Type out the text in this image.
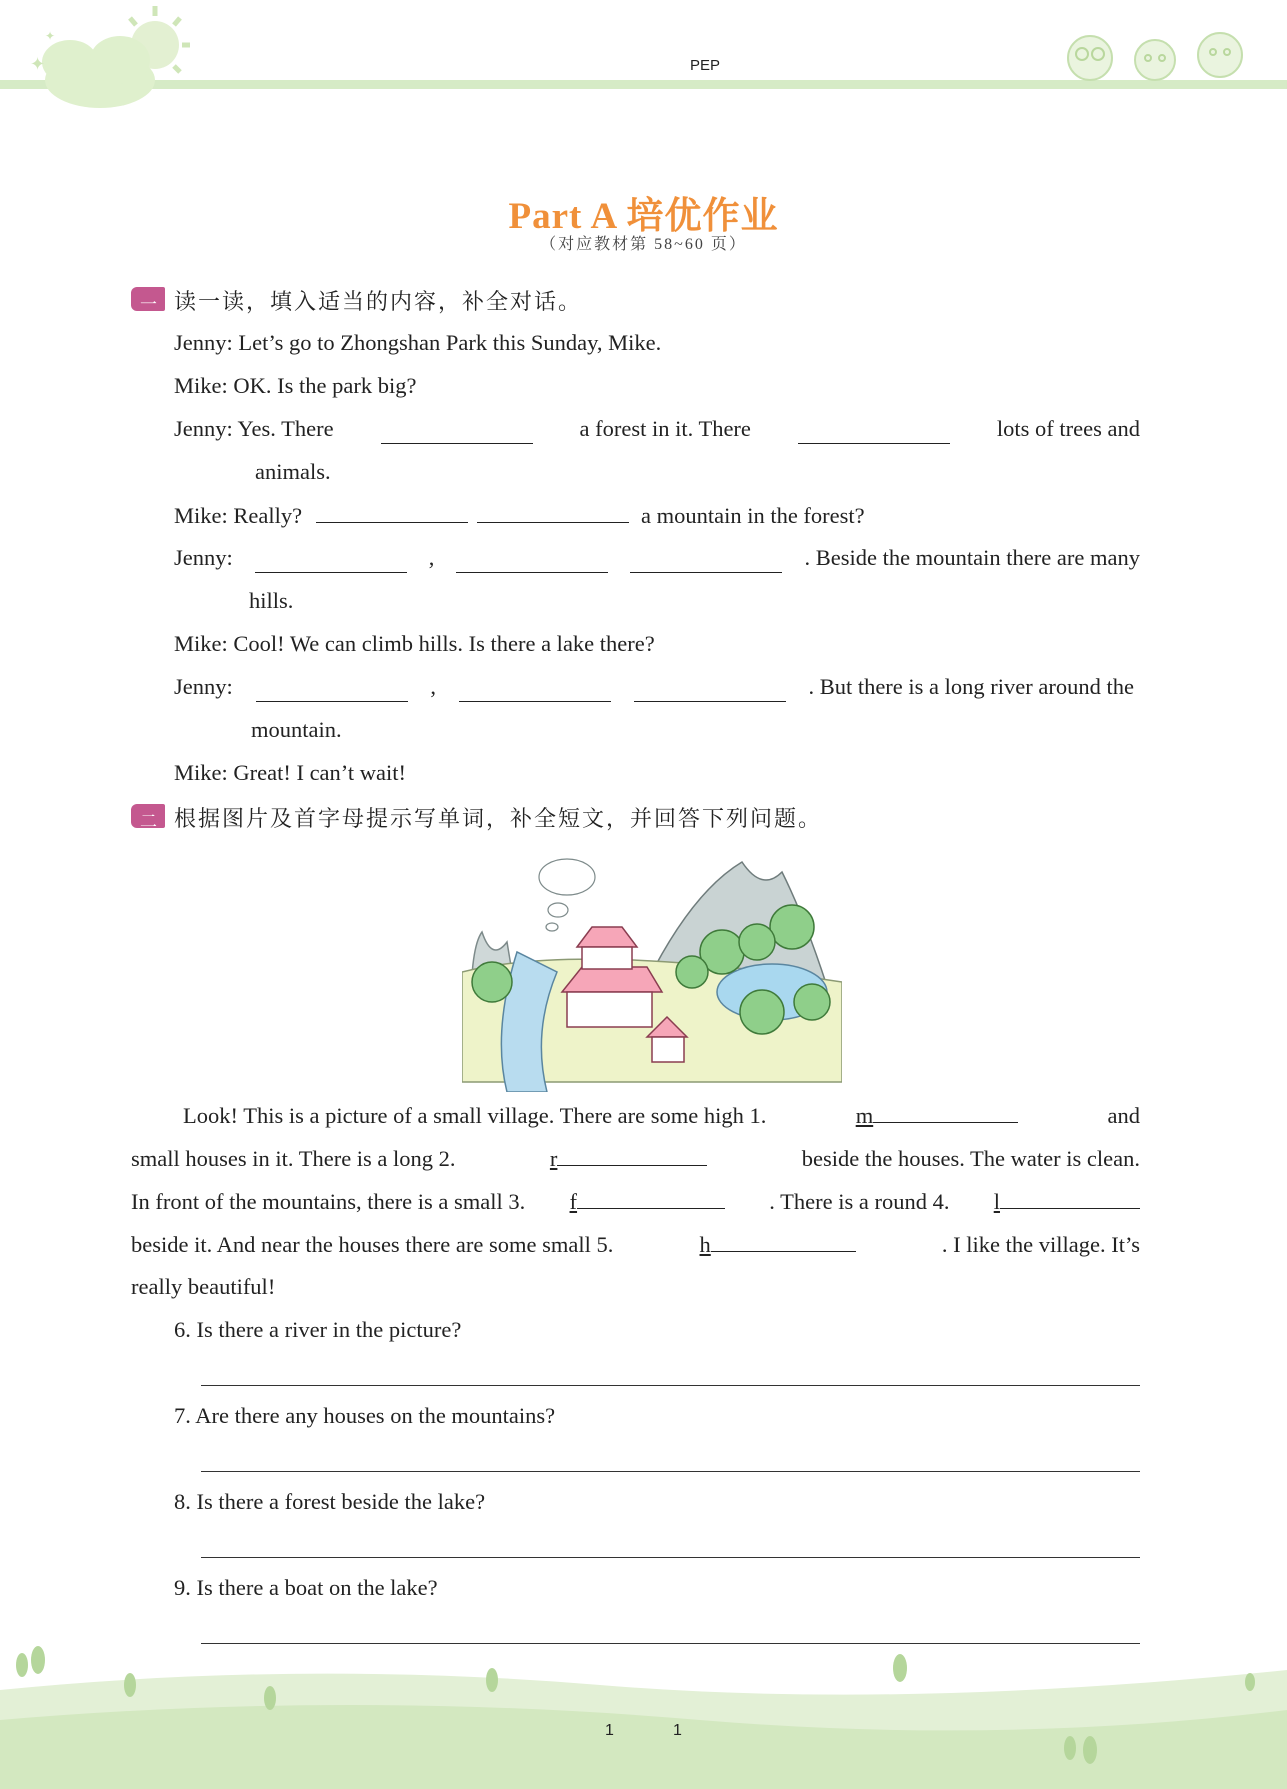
✦
✦
PEP
Part A 培优作业
（对应教材第 58~60 页）
一 读一读，填入适当的内容，补全对话。
Jenny: Let’s go to Zhongshan Park this Sunday, Mike.
Mike: OK. Is the park big?
Jenny: Yes. There	a forest in it. There	lots of trees and
animals.
Mike: Really?	a mountain in the forest?
Jenny:	,	. Beside the mountain there are many
hills.
Mike: Cool! We can climb hills. Is there a lake there?
Jenny:	,	. But there is a long river around the
mountain.
Mike: Great! I can’t wait!
二 根据图片及首字母提示写单词，补全短文，并回答下列问题。
Look! This is a picture of a small village. There are some high 1.	m	and
small houses in it. There is a long 2.	r	beside the houses. The water is clean.
In front of the mountains, there is a small 3. f	. There is a round 4. l
beside it. And near the houses there are some small 5.	h	. I like the village. It’s
really beautiful!
6. Is there a river in the picture?
7. Are there any houses on the mountains?
8. Is there a forest beside the lake?
9. Is there a boat on the lake?
1	1
